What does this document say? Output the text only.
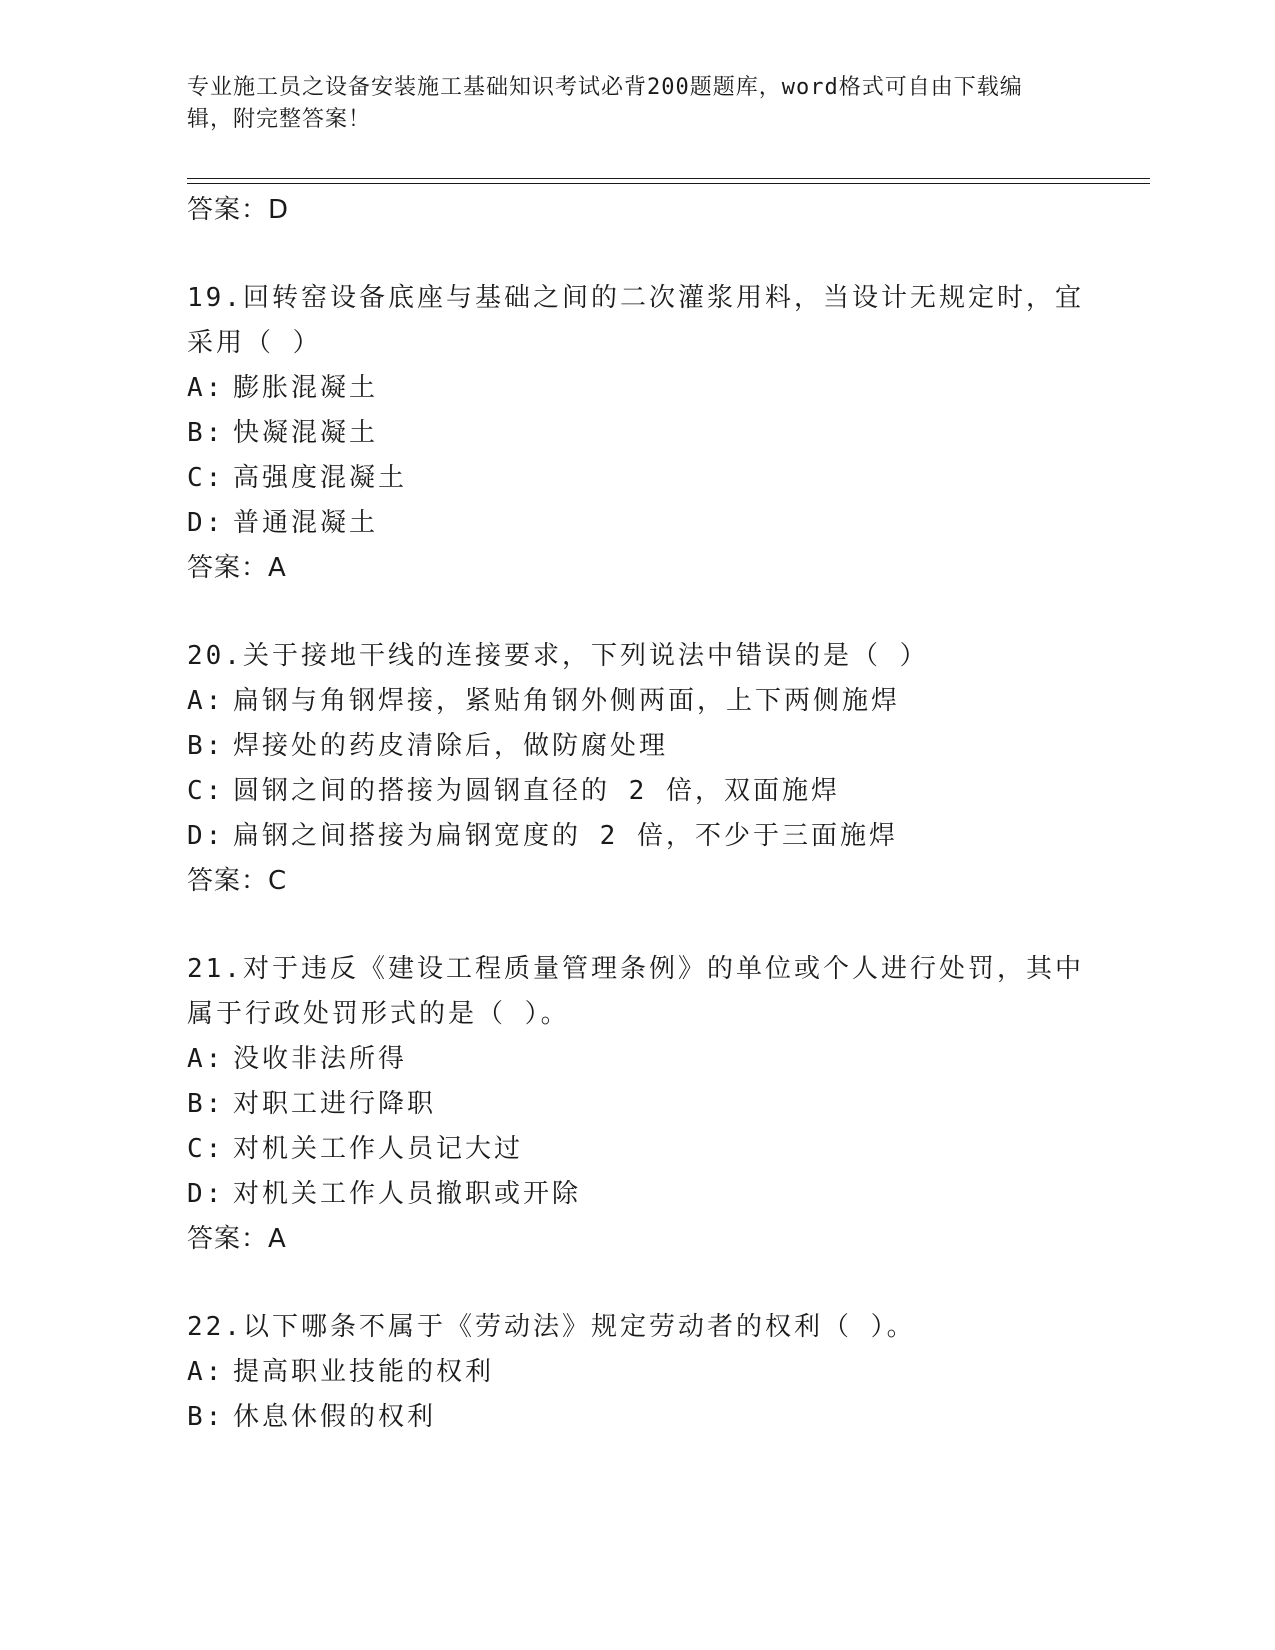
专业施工员之设备安装施工基础知识考试必背200题题库，word格式可自由下载编辑，附完整答案！
答案：D

19.回转窑设备底座与基础之间的二次灌浆用料，当设计无规定时，宜采用（ ）

A: 膨胀混凝土
B: 快凝混凝土
C: 高强度混凝土
D: 普通混凝土
答案：A

20.关于接地干线的连接要求，下列说法中错误的是（ ）

A: 扁钢与角钢焊接，紧贴角钢外侧两面，上下两侧施焊
B: 焊接处的药皮清除后，做防腐处理
C: 圆钢之间的搭接为圆钢直径的 2 倍，双面施焊
D: 扁钢之间搭接为扁钢宽度的 2 倍，不少于三面施焊
答案：C

21.对于违反《建设工程质量管理条例》的单位或个人进行处罚，其中属于行政处罚形式的是（ ）。

A: 没收非法所得
B: 对职工进行降职
C: 对机关工作人员记大过
D: 对机关工作人员撤职或开除
答案：A

22.以下哪条不属于《劳动法》规定劳动者的权利（ ）。

A: 提高职业技能的权利
B: 休息休假的权利
